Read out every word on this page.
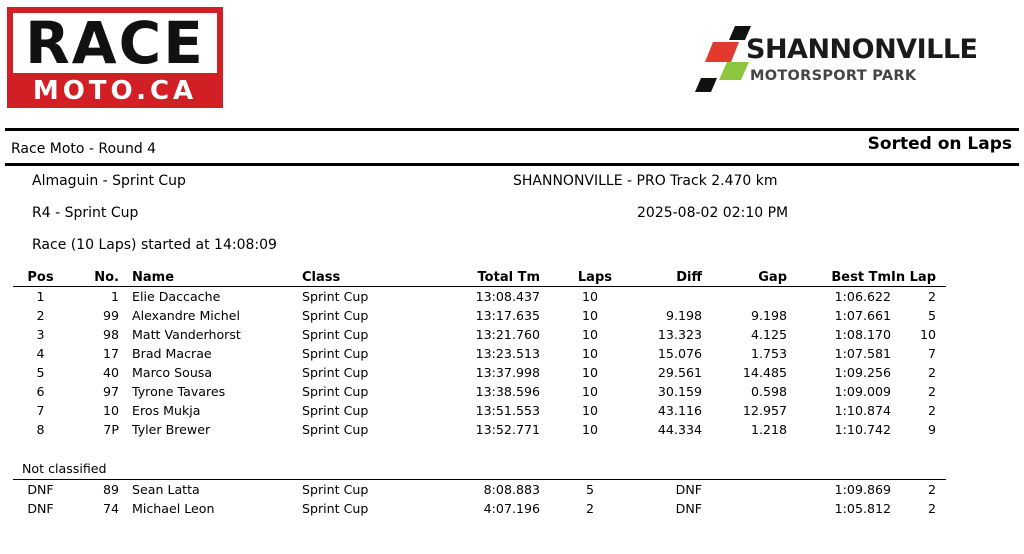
RACE
MOTO.CA
SHANNONVILLE
MOTORSPORT PARK
Race Moto - Round 4	Sorted on Laps
Almaguin - Sprint Cup	SHANNONVILLE - PRO Track 2.470 km
R4 - Sprint Cup	2025-08-02 02:10 PM
Race (10 Laps) started at 14:08:09
Pos	No.	Name	Class	Total Tm	Laps	Diff	Gap	Best Tm	In Lap
1	1	Elie Daccache	Sprint Cup	13:08.437	10			1:06.622	2
2	99	Alexandre Michel	Sprint Cup	13:17.635	10	9.198	9.198	1:07.661	5
3	98	Matt Vanderhorst	Sprint Cup	13:21.760	10	13.323	4.125	1:08.170	10
4	17	Brad Macrae	Sprint Cup	13:23.513	10	15.076	1.753	1:07.581	7
5	40	Marco Sousa	Sprint Cup	13:37.998	10	29.561	14.485	1:09.256	2
6	97	Tyrone Tavares	Sprint Cup	13:38.596	10	30.159	0.598	1:09.009	2
7	10	Eros Mukja	Sprint Cup	13:51.553	10	43.116	12.957	1:10.874	2
8	7P	Tyler Brewer	Sprint Cup	13:52.771	10	44.334	1.218	1:10.742	9
Not classified
DNF	89	Sean Latta	Sprint Cup	8:08.883	5	DNF		1:09.869	2
DNF	74	Michael Leon	Sprint Cup	4:07.196	2	DNF		1:05.812	2
